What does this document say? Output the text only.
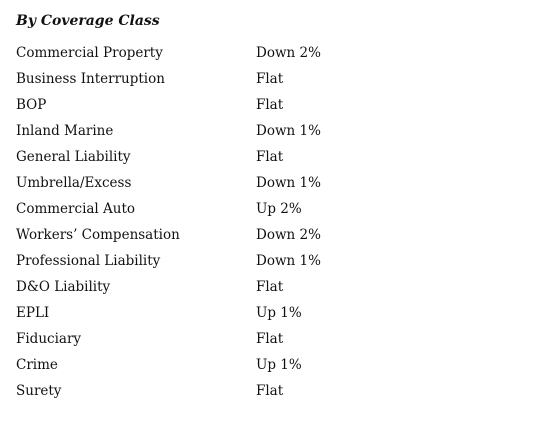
By Coverage Class
Commercial Property	Down 2%
Business Interruption	Flat
BOP	Flat
Inland Marine	Down 1%
General Liability	Flat
Umbrella/Excess	Down 1%
Commercial Auto	Up 2%
Workers’ Compensation	Down 2%
Professional Liability	Down 1%
D&O Liability	Flat
EPLI	Up 1%
Fiduciary	Flat
Crime	Up 1%
Surety	Flat
